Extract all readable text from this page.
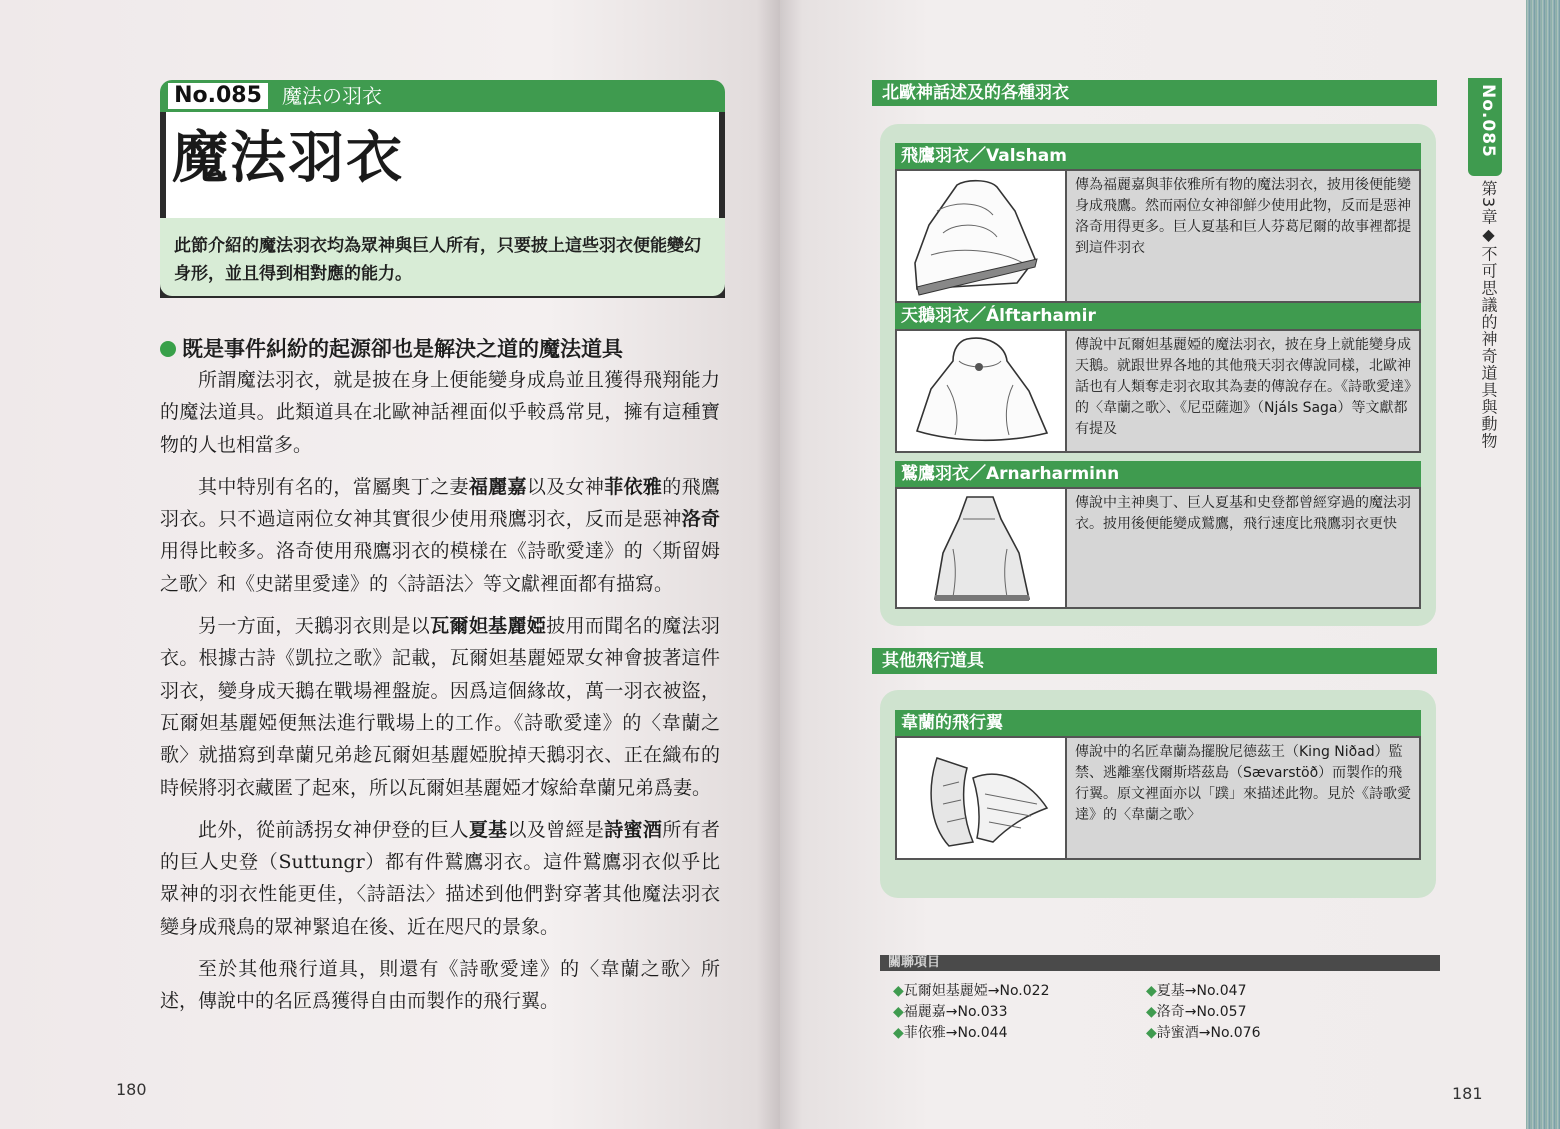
No.085	魔法の羽衣
魔法羽衣
此節介紹的魔法羽衣均為眾神與巨人所有，只要披上這些羽衣便能變幻身形，並且得到相對應的能力。
既是事件糾紛的起源卻也是解決之道的魔法道具

所謂魔法羽衣，就是披在身上便能變身成鳥並且獲得飛翔能力的魔法道具。此類道具在北歐神話裡面似乎較爲常見，擁有這種寶物的人也相當多。

其中特別有名的，當屬奧丁之妻福麗嘉以及女神菲依雅的飛鷹羽衣。只不過這兩位女神其實很少使用飛鷹羽衣，反而是惡神洛奇用得比較多。洛奇使用飛鷹羽衣的模樣在《詩歌愛達》的〈斯留姆之歌〉和《史諾里愛達》的〈詩語法〉等文獻裡面都有描寫。

另一方面，天鵝羽衣則是以瓦爾妲基麗婭披用而聞名的魔法羽衣。根據古詩《凱拉之歌》記載，瓦爾妲基麗婭眾女神會披著這件羽衣，變身成天鵝在戰場裡盤旋。因爲這個緣故，萬一羽衣被盜，瓦爾妲基麗婭便無法進行戰場上的工作。《詩歌愛達》的〈韋蘭之歌〉就描寫到韋蘭兄弟趁瓦爾妲基麗婭脫掉天鵝羽衣、正在織布的時候將羽衣藏匿了起來，所以瓦爾妲基麗婭才嫁給韋蘭兄弟爲妻。

此外，從前誘拐女神伊登的巨人夏基以及曾經是詩蜜酒所有者的巨人史登（Suttungr）都有件鷲鷹羽衣。這件鷲鷹羽衣似乎比眾神的羽衣性能更佳，〈詩語法〉描述到他們對穿著其他魔法羽衣變身成飛鳥的眾神緊追在後、近在咫尺的景象。

至於其他飛行道具，則還有《詩歌愛達》的〈韋蘭之歌〉所述，傳說中的名匠爲獲得自由而製作的飛行翼。

180
北歐神話述及的各種羽衣
飛鷹羽衣／Valsham
傳為福麗嘉與菲依雅所有物的魔法羽衣，披用後便能變身成飛鷹。然而兩位女神卻鮮少使用此物，反而是惡神洛奇用得更多。巨人夏基和巨人芬葛尼爾的故事裡都提到這件羽衣
天鵝羽衣／Álftarhamir
傳說中瓦爾妲基麗婭的魔法羽衣，披在身上就能變身成天鵝。就跟世界各地的其他飛天羽衣傳說同樣，北歐神話也有人類奪走羽衣取其為妻的傳說存在。《詩歌愛達》的〈韋蘭之歌〉、《尼亞薩迦》（Njáls Saga）等文獻都有提及
鷲鷹羽衣／Arnarharminn
傳說中主神奧丁、巨人夏基和史登都曾經穿過的魔法羽衣。披用後便能變成鷲鷹，飛行速度比飛鷹羽衣更快
其他飛行道具
韋蘭的飛行翼
傳說中的名匠韋蘭為擺脫尼德茲王（King Niðad）監禁、逃離塞伐爾斯塔茲島（Sævarstöð）而製作的飛行翼。原文裡面亦以「蹼」來描述此物。見於《詩歌愛達》的〈韋蘭之歌〉
No.085
第3章◆不可思議的神奇道具與動物
關聯項目
◆瓦爾妲基麗婭→No.022
◆福麗嘉→No.033
◆菲依雅→No.044
◆夏基→No.047
◆洛奇→No.057
◆詩蜜酒→No.076
181
